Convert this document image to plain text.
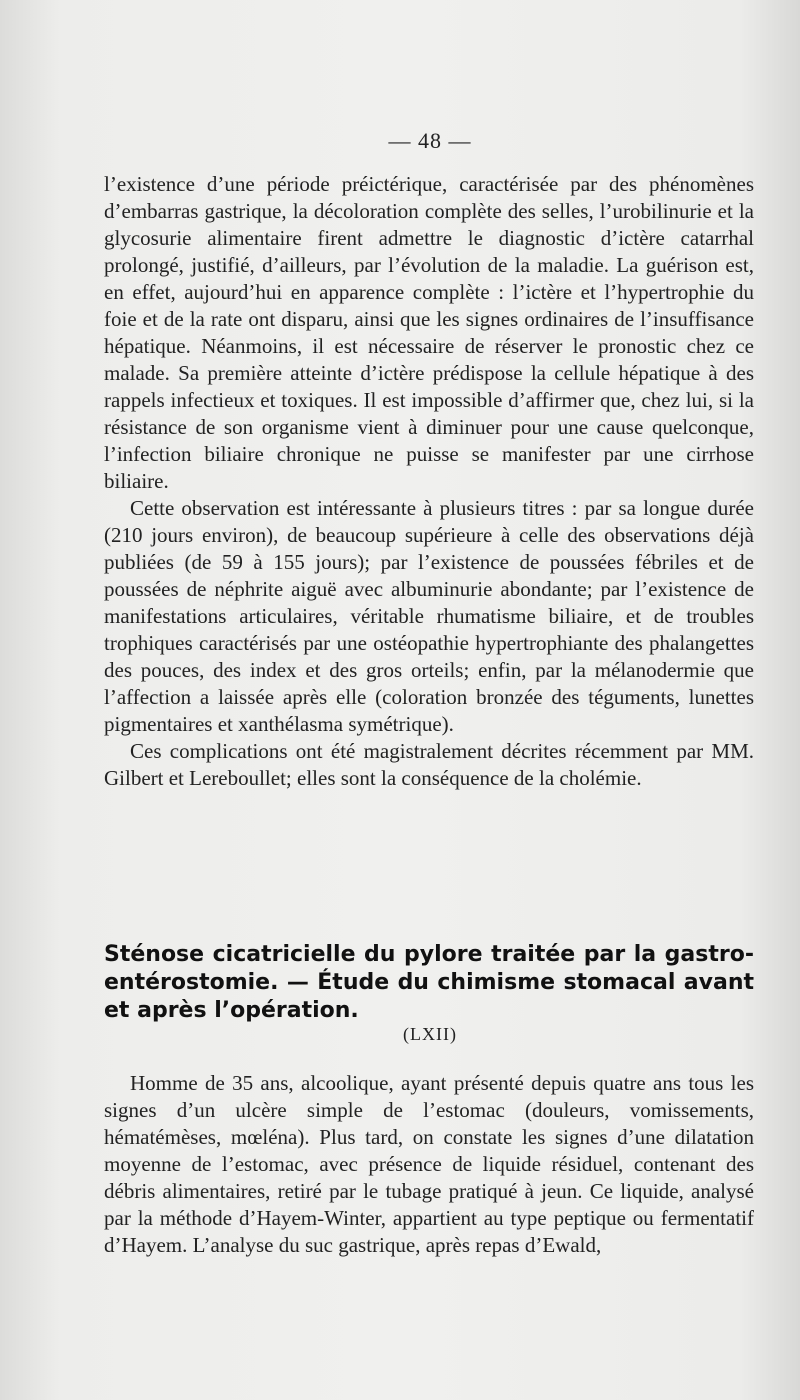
— 48 —

l’existence d’une période préictérique, caractérisée par des phénomènes d’embarras gastrique, la décoloration complète des selles, l’urobilinurie et la glycosurie alimentaire firent admettre le diagnostic d’ictère catarrhal prolongé, justifié, d’ailleurs, par l’évolution de la maladie. La guérison est, en effet, aujourd’hui en apparence complète : l’ictère et l’hypertrophie du foie et de la rate ont disparu, ainsi que les signes ordinaires de l’insuffisance hépatique. Néanmoins, il est nécessaire de réserver le pronostic chez ce malade. Sa première atteinte d’ictère prédispose la cellule hépatique à des rappels infectieux et toxiques. Il est impossible d’affirmer que, chez lui, si la résistance de son organisme vient à diminuer pour une cause quelconque, l’infection biliaire chronique ne puisse se manifester par une cirrhose biliaire.

Cette observation est intéressante à plusieurs titres : par sa longue durée (210 jours environ), de beaucoup supérieure à celle des observations déjà publiées (de 59 à 155 jours); par l’existence de poussées fébriles et de poussées de néphrite aiguë avec albuminurie abondante; par l’existence de manifestations articulaires, véritable rhumatisme biliaire, et de troubles trophiques caractérisés par une ostéopathie hypertrophiante des phalangettes des pouces, des index et des gros orteils; enfin, par la mélanodermie que l’affection a laissée après elle (coloration bronzée des téguments, lunettes pigmentaires et xanthélasma symétrique).

Ces complications ont été magistralement décrites récemment par MM. Gilbert et Lereboullet; elles sont la conséquence de la cholémie.

Sténose cicatricielle du pylore traitée par la gastro-entérostomie. — Étude du chimisme stomacal avant et après l’opération.
(LXII)

Homme de 35 ans, alcoolique, ayant présenté depuis quatre ans tous les signes d’un ulcère simple de l’estomac (douleurs, vomissements, hématémèses, mœléna). Plus tard, on constate les signes d’une dilatation moyenne de l’estomac, avec présence de liquide résiduel, contenant des débris alimentaires, retiré par le tubage pratiqué à jeun. Ce liquide, analysé par la méthode d’Hayem-Winter, appartient au type peptique ou fermentatif d’Hayem. L’analyse du suc gastrique, après repas d’Ewald,
